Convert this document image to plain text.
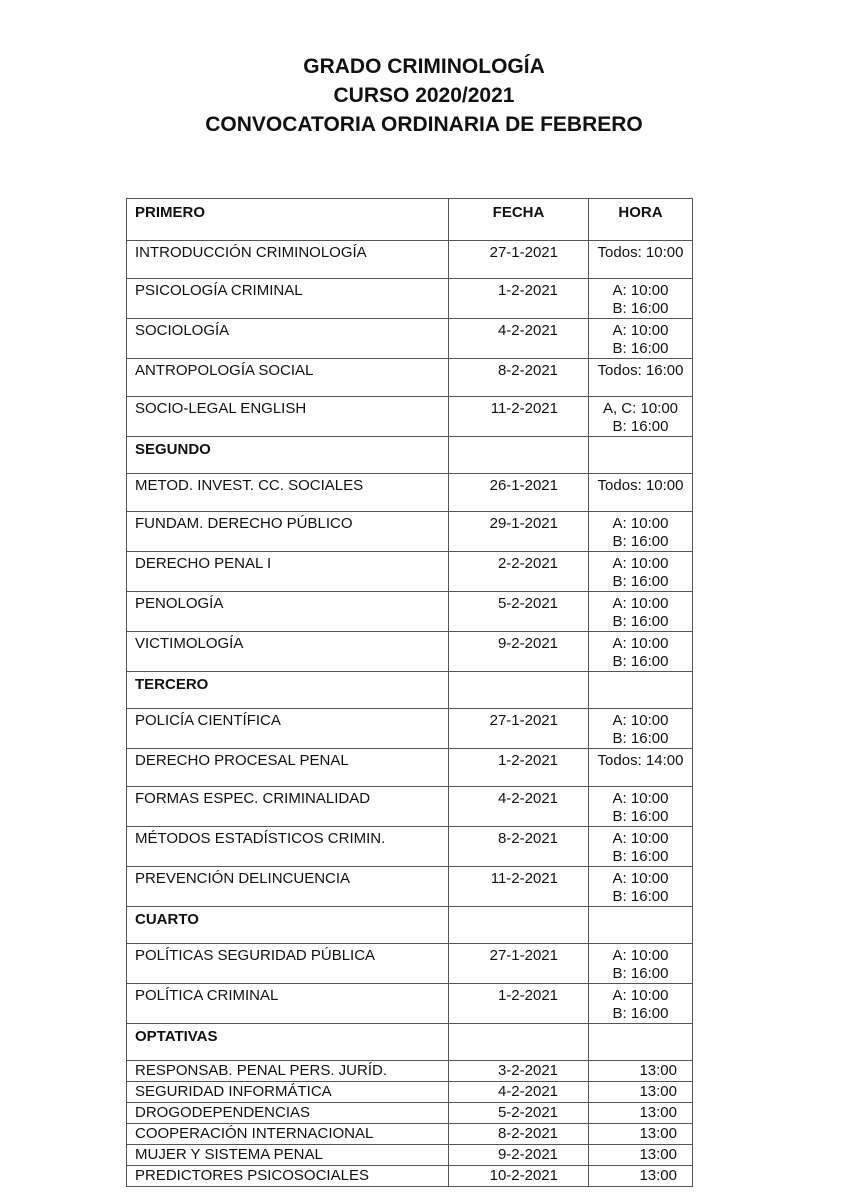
GRADO CRIMINOLOGÍA
CURSO 2020/2021
CONVOCATORIA ORDINARIA DE FEBRERO
PRIMERO	FECHA	HORA
INTRODUCCIÓN CRIMINOLOGÍA	27-1-2021	Todos: 10:00

PSICOLOGÍA CRIMINAL	1-2-2021	A: 10:00
B: 16:00

SOCIOLOGÍA	4-2-2021	A: 10:00
B: 16:00

ANTROPOLOGÍA SOCIAL	8-2-2021	Todos: 16:00

SOCIO-LEGAL ENGLISH	11-2-2021	A, C: 10:00
B: 16:00

SEGUNDO		
METOD. INVEST. CC. SOCIALES	26-1-2021	Todos: 10:00

FUNDAM. DERECHO PÚBLICO	29-1-2021	A: 10:00
B: 16:00

DERECHO PENAL I	2-2-2021	A: 10:00
B: 16:00

PENOLOGÍA	5-2-2021	A: 10:00
B: 16:00

VICTIMOLOGÍA	9-2-2021	A: 10:00
B: 16:00

TERCERO		
POLICÍA CIENTÍFICA	27-1-2021	A: 10:00
B: 16:00

DERECHO PROCESAL PENAL	1-2-2021	Todos: 14:00

FORMAS ESPEC. CRIMINALIDAD	4-2-2021	A: 10:00
B: 16:00

MÉTODOS ESTADÍSTICOS CRIMIN.	8-2-2021	A: 10:00
B: 16:00

PREVENCIÓN DELINCUENCIA	11-2-2021	A: 10:00
B: 16:00

CUARTO		
POLÍTICAS SEGURIDAD PÚBLICA	27-1-2021	A: 10:00
B: 16:00

POLÍTICA CRIMINAL	1-2-2021	A: 10:00
B: 16:00

OPTATIVAS		
RESPONSAB. PENAL PERS. JURÍD.	3-2-2021	13:00
SEGURIDAD INFORMÁTICA	4-2-2021	13:00
DROGODEPENDENCIAS	5-2-2021	13:00
COOPERACIÓN INTERNACIONAL	8-2-2021	13:00
MUJER Y SISTEMA PENAL	9-2-2021	13:00
PREDICTORES PSICOSOCIALES	10-2-2021	13:00
